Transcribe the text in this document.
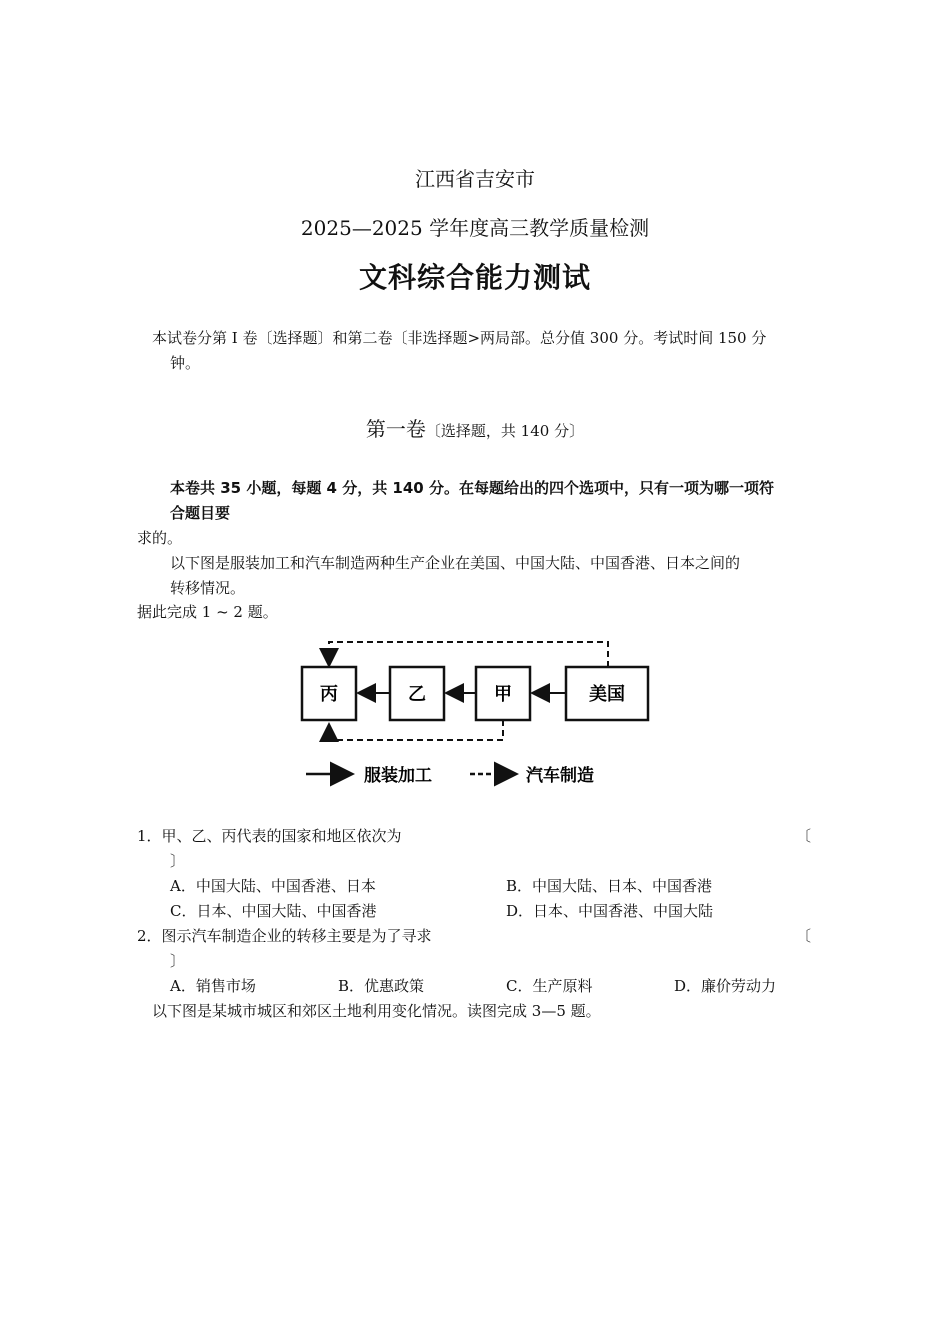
江西省吉安市
2025—2025 学年度高三教学质量检测
文科综合能力测试
本试卷分第 I 卷〔选择题〕和第二卷〔非选择题>两局部。总分值 300 分。考试时间 150 分
钟。
第一卷〔选择题，共 140 分〕
本卷共 35 小题，每题 4 分，共 140 分。在每题给出的四个选项中，只有一项为哪一项符
合题目要
求的。
以下图是服装加工和汽车制造两种生产企业在美国、中国大陆、中国香港、日本之间的
转移情况。
据此完成 1 ~ 2 题。
丙	乙	甲	美国
服装加工	汽车制造
1．甲、乙、丙代表的国家和地区依次为	〔
〕
A．中国大陆、中国香港、日本	B．中国大陆、日本、中国香港
C．日本、中国大陆、中国香港	D．日本、中国香港、中国大陆
2．图示汽车制造企业的转移主要是为了寻求	〔
〕
A．销售市场	B．优惠政策	C．生产原料	D．廉价劳动力
以下图是某城市城区和郊区土地利用变化情况。读图完成 3—5 题。
